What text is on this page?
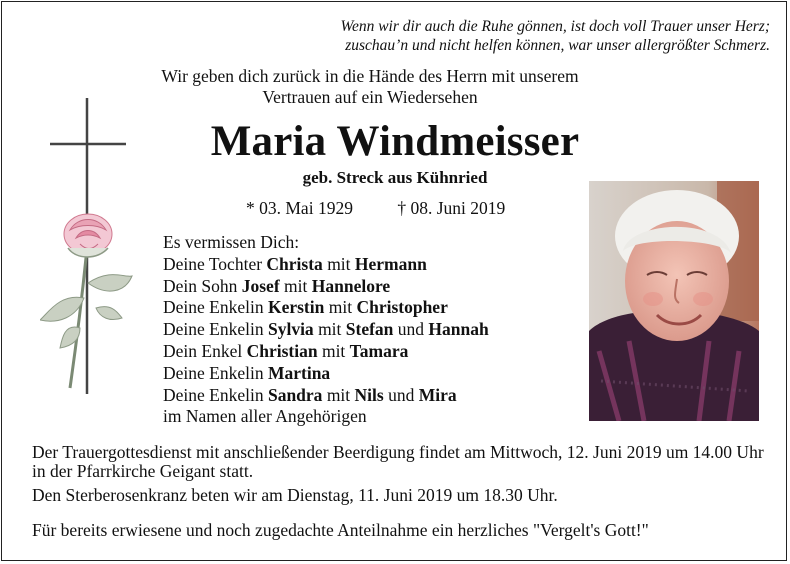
Wenn wir dir auch die Ruhe gönnen, ist doch voll Trauer unser Herz;
zuschau’n und nicht helfen können, war unser allergrößter Schmerz.
Wir geben dich zurück in die Hände des Herrn mit unserem
Vertrauen auf ein Wiedersehen
Maria Windmeisser
geb. Streck aus Kühnried
* 03. Mai 1929	† 08. Juni 2019
Es vermissen Dich:
Deine Tochter Christa mit Hermann
Dein Sohn Josef mit Hannelore
Deine Enkelin Kerstin mit Christopher
Deine Enkelin Sylvia mit Stefan und Hannah
Dein Enkel Christian mit Tamara
Deine Enkelin Martina
Deine Enkelin Sandra mit Nils und Mira
im Namen aller Angehörigen

Der Trauergottesdienst mit anschließender Beerdigung findet am Mittwoch, 12. Juni 2019 um 14.00 Uhr in der Pfarrkirche Geigant statt.

Den Sterberosenkranz beten wir am Dienstag, 11. Juni 2019 um 18.30 Uhr.

Für bereits erwiesene und noch zugedachte Anteilnahme ein herzliches "Vergelt's Gott!"
